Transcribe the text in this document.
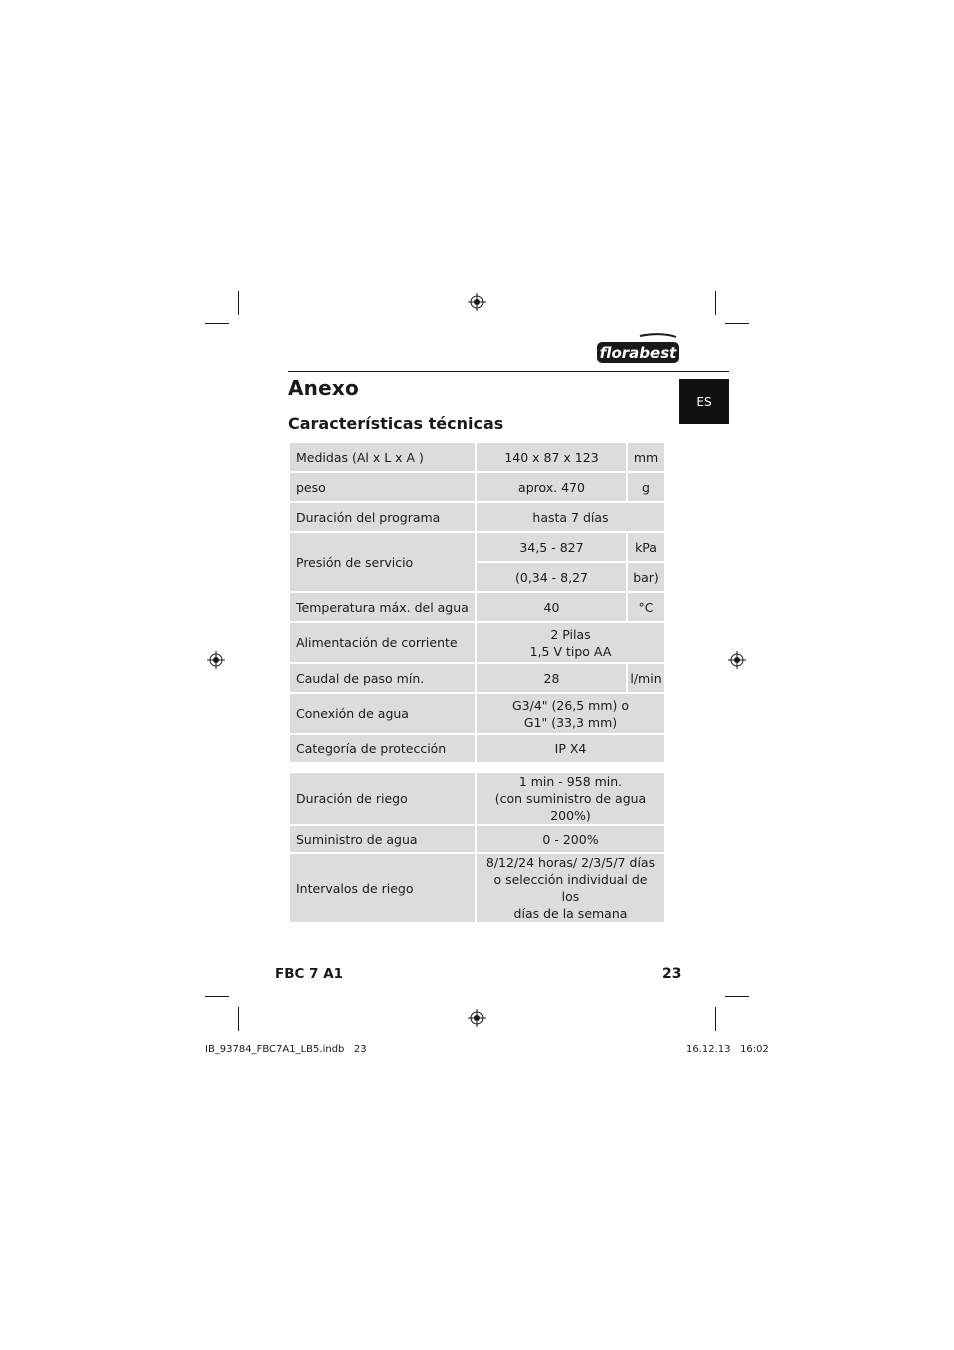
florabest
Anexo
ES
Características técnicas
Medidas (Al x L x A )	140 x 87 x 123	mm
peso	aprox. 470	g
Duración del programa	hasta 7 días	
Presión de servicio	34,5 - 827	kPa
	(0,34 - 8,27	bar)
Temperatura máx. del agua	40	°C
Alimentación de corriente	2 Pilas
1,5 V tipo AA	

Caudal de paso mín.	28	l/min
Conexión de agua	G3/4" (26,5 mm) o
G1" (33,3 mm)	

Categoría de protección	IP X4	
Duración de riego	1 min - 958 min.
(con suministro de agua 200%)

Suministro de agua	0 - 200%
Intervalos de riego	8/12/24 horas/ 2/3/5/7 días
o selección individual de los
días de la semana
FBC 7 A1	23
IB_93784_FBC7A1_LB5.indb   23	16.12.13   16:02
